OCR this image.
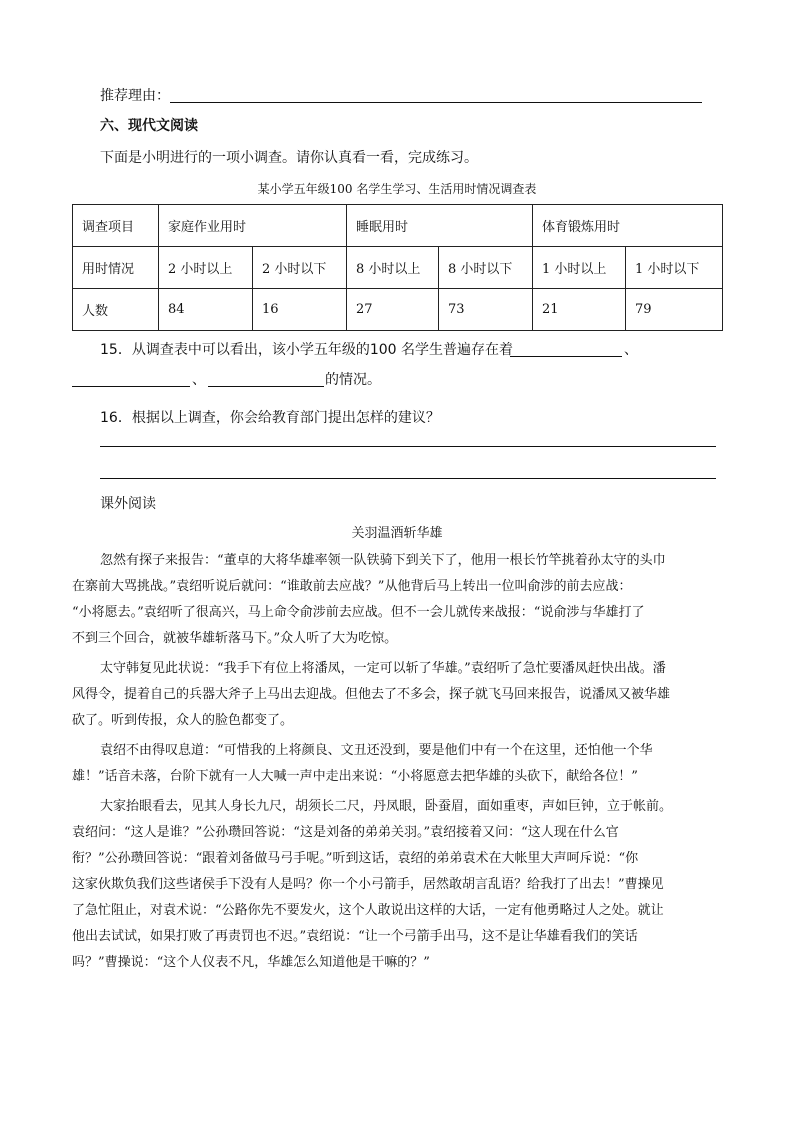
推荐理由：
六、现代文阅读
下面是小明进行的一项小调查。请你认真看一看，完成练习。
某小学五年级100 名学生学习、生活用时情况调查表
调查项目	家庭作业用时		睡眠用时		体育锻炼用时	
用时情况	2 小时以上	2 小时以下	8 小时以上	8 小时以下	1 小时以上	1 小时以下
人数	84	16	27	73	21	79
15．从调查表中可以看出，该小学五年级的100 名学生普遍存在着	、
、	的情况。
16．根据以上调查，你会给教育部门提出怎样的建议？
课外阅读
关羽温酒斩华雄

忽然有探子来报告：“董卓的大将华雄率领一队铁骑下到关下了，他用一根长竹竿挑着孙太守的头巾

在寨前大骂挑战。”袁绍听说后就问：“谁敢前去应战？”从他背后马上转出一位叫俞涉的前去应战：

“小将愿去。”袁绍听了很高兴，马上命令俞涉前去应战。但不一会儿就传来战报：“说俞涉与华雄打了

不到三个回合，就被华雄斩落马下。”众人听了大为吃惊。

太守韩复见此状说：“我手下有位上将潘凤，一定可以斩了华雄。”袁绍听了急忙要潘凤赶快出战。潘

风得令，提着自己的兵器大斧子上马出去迎战。但他去了不多会，探子就飞马回来报告，说潘凤又被华雄

砍了。听到传报，众人的脸色都变了。

袁绍不由得叹息道：“可惜我的上将颜良、文丑还没到，要是他们中有一个在这里，还怕他一个华

雄！”话音未落，台阶下就有一人大喊一声中走出来说：“小将愿意去把华雄的头砍下，献给各位！”

大家抬眼看去，见其人身长九尺，胡须长二尺，丹凤眼，卧蚕眉，面如重枣，声如巨钟，立于帐前。

袁绍问：“这人是谁？”公孙瓒回答说：“这是刘备的弟弟关羽。”袁绍接着又问：“这人现在什么官

衔？”公孙瓒回答说：“跟着刘备做马弓手呢。”听到这话，袁绍的弟弟袁术在大帐里大声呵斥说：“你

这家伙欺负我们这些诸侯手下没有人是吗？你一个小弓箭手，居然敢胡言乱语？给我打了出去！”曹操见

了急忙阻止，对袁术说：“公路你先不要发火，这个人敢说出这样的大话，一定有他勇略过人之处。就让

他出去试试，如果打败了再责罚也不迟。”袁绍说：“让一个弓箭手出马，这不是让华雄看我们的笑话

吗？”曹操说：“这个人仪表不凡，华雄怎么知道他是干嘛的？”
